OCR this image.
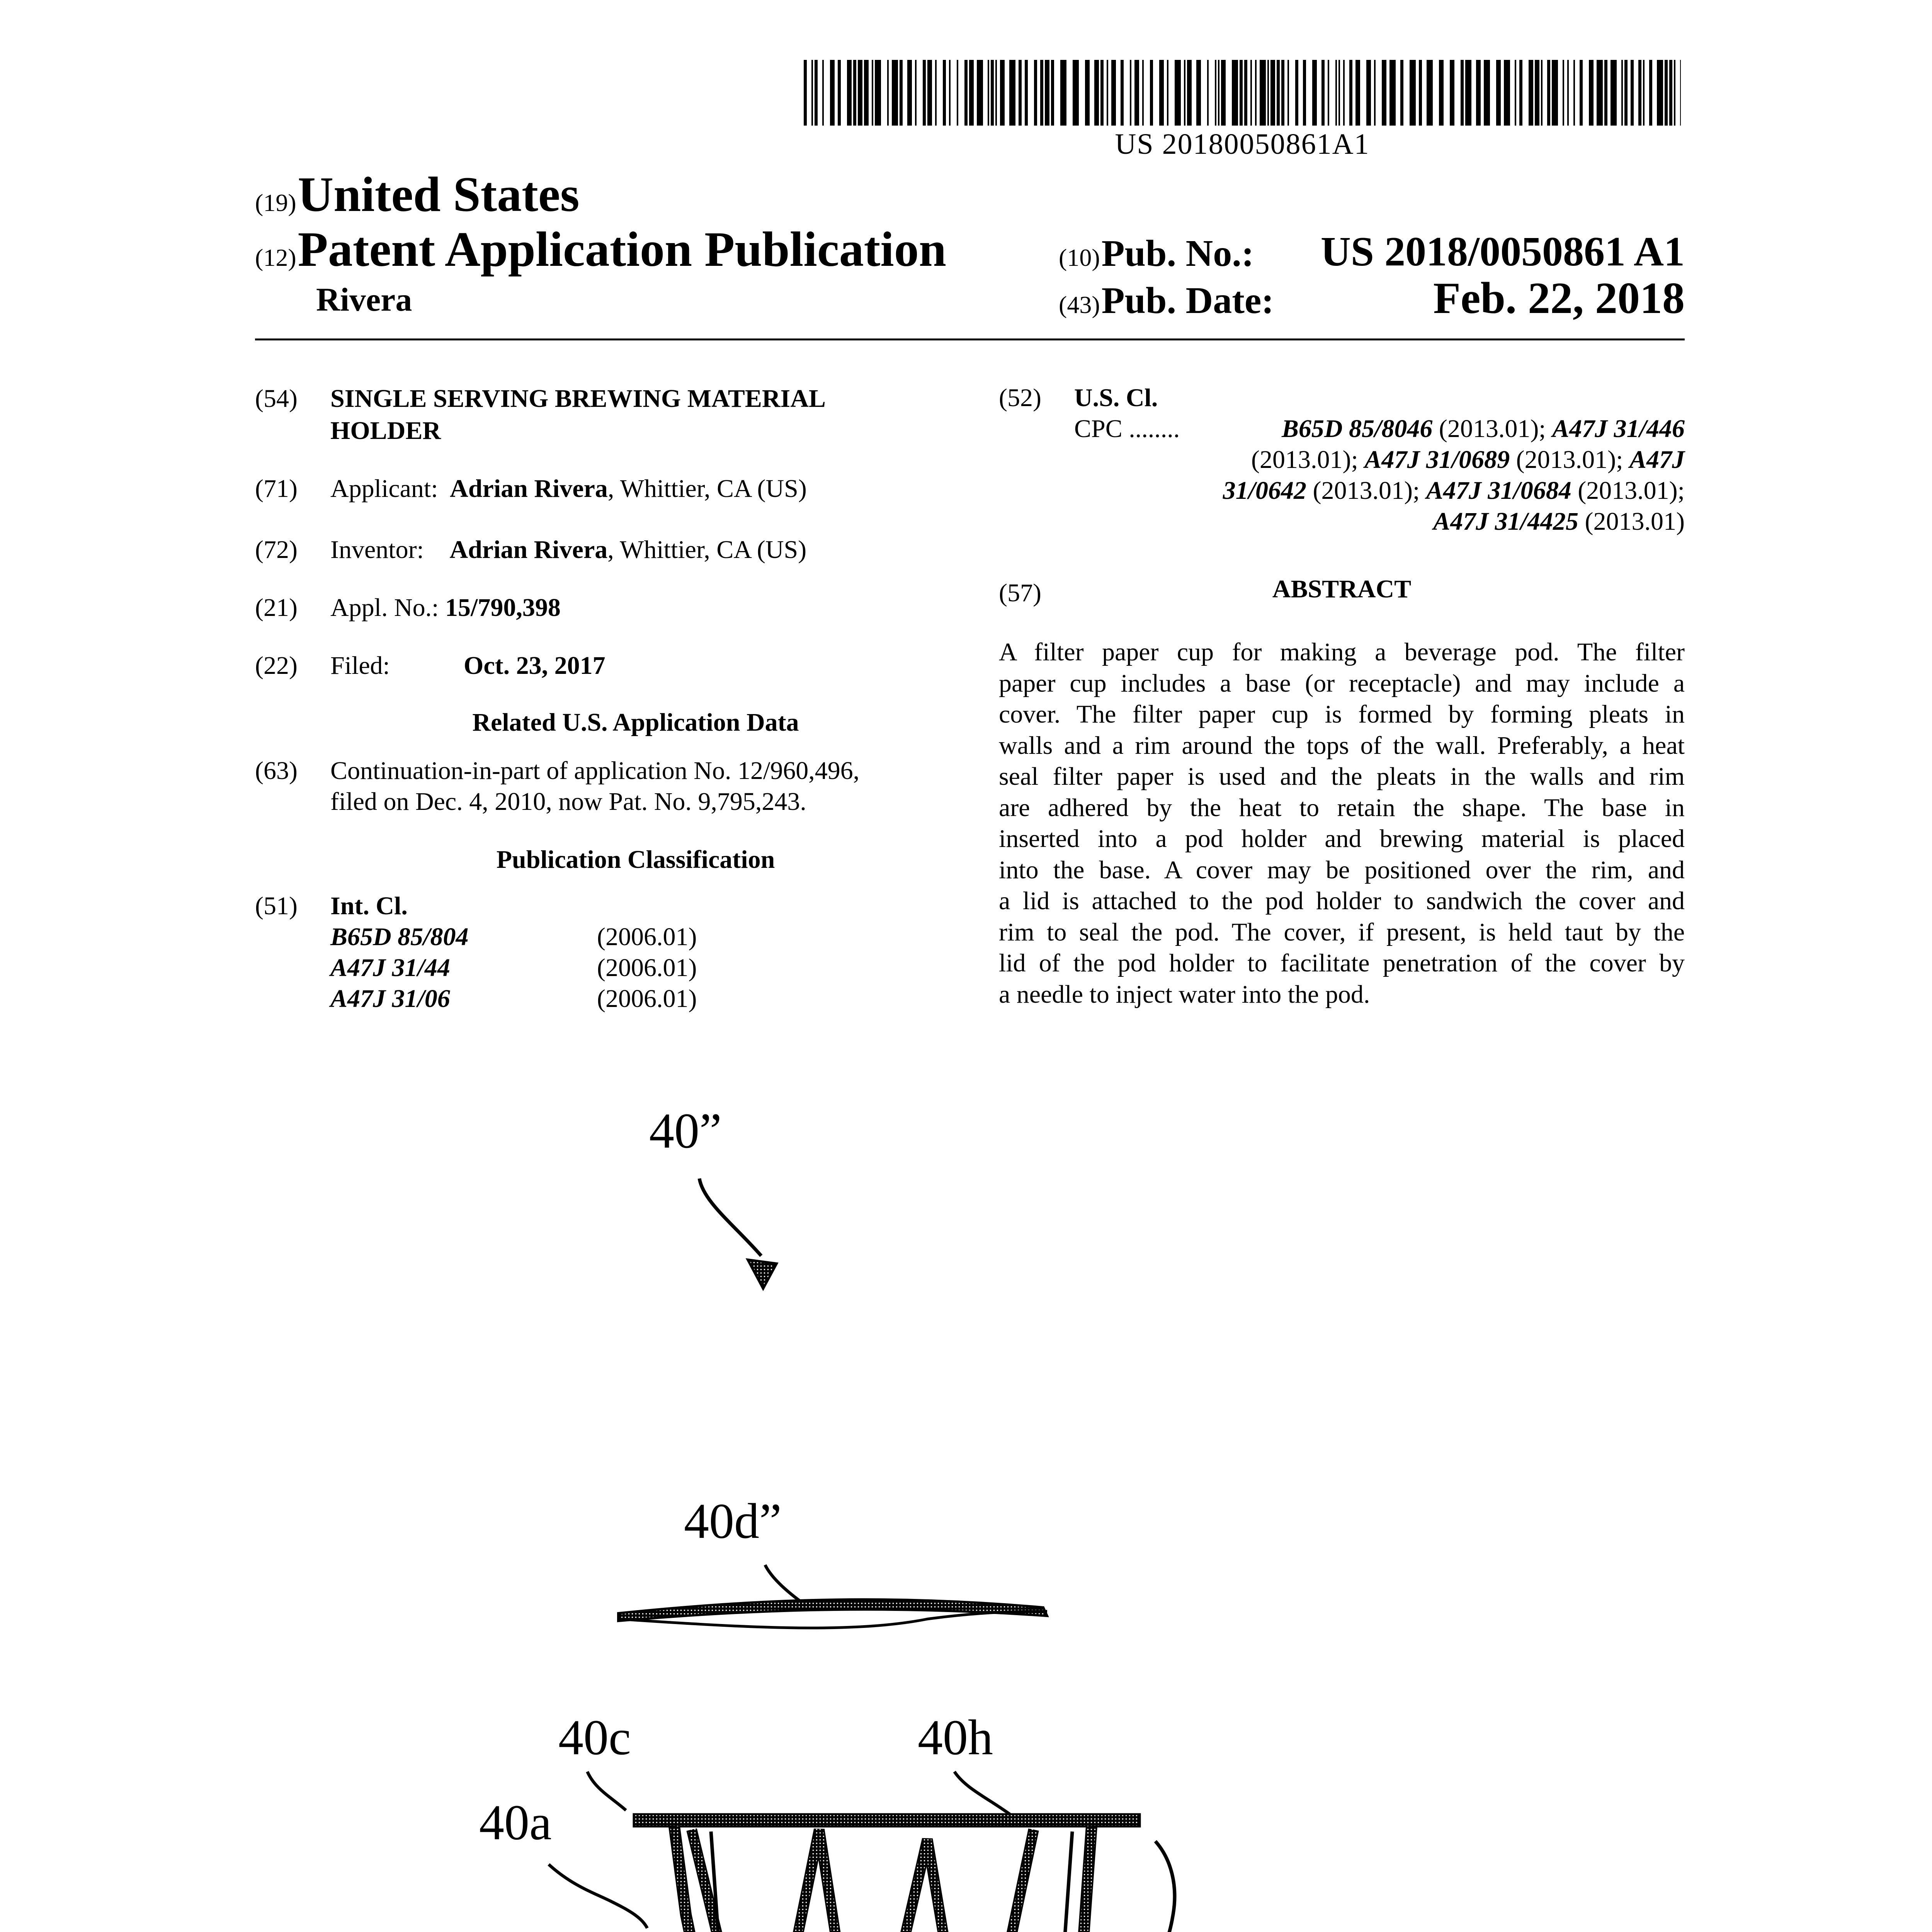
US 20180050861A1
(19) United States
(12) Patent Application Publication
Rivera
(10) Pub. No.: US 2018/0050861 A1
(43) Pub. Date:	Feb. 22, 2018
(54) SINGLE SERVING BREWING MATERIAL
HOLDER
(71) Applicant: Adrian Rivera, Whittier, CA (US)
(72) Inventor: Adrian Rivera, Whittier, CA (US)
(21) Appl. No.: 15/790,398
(22) Filed:	Oct. 23, 2017
Related U.S. Application Data
(63) Continuation-in-part of application No. 12/960,496,
filed on Dec. 4, 2010, now Pat. No. 9,795,243.
Publication Classification
(51) Int. Cl.
B65D 85/804	(2006.01)
A47J 31/44	(2006.01)
A47J 31/06	(2006.01)
(52) U.S. Cl.
CPC ........	B65D 85/8046 (2013.01); A47J 31/446
(2013.01); A47J 31/0689 (2013.01); A47J
31/0642 (2013.01); A47J 31/0684 (2013.01);
A47J 31/4425 (2013.01)
(57)	ABSTRACT

A filter paper cup for making a beverage pod. The filter

paper cup includes a base (or receptacle) and may include a

cover. The filter paper cup is formed by forming pleats in

walls and a rim around the tops of the wall. Preferably, a heat

seal filter paper is used and the pleats in the walls and rim

are adhered by the heat to retain the shape. The base in

inserted into a pod holder and brewing material is placed

into the base. A cover may be positioned over the rim, and

a lid is attached to the pod holder to sandwich the cover and

rim to seal the pod. The cover, if present, is held taut by the

lid of the pod holder to facilitate penetration of the cover by

a needle to inject water into the pod.

40”
40d”
40c	40h
40a
